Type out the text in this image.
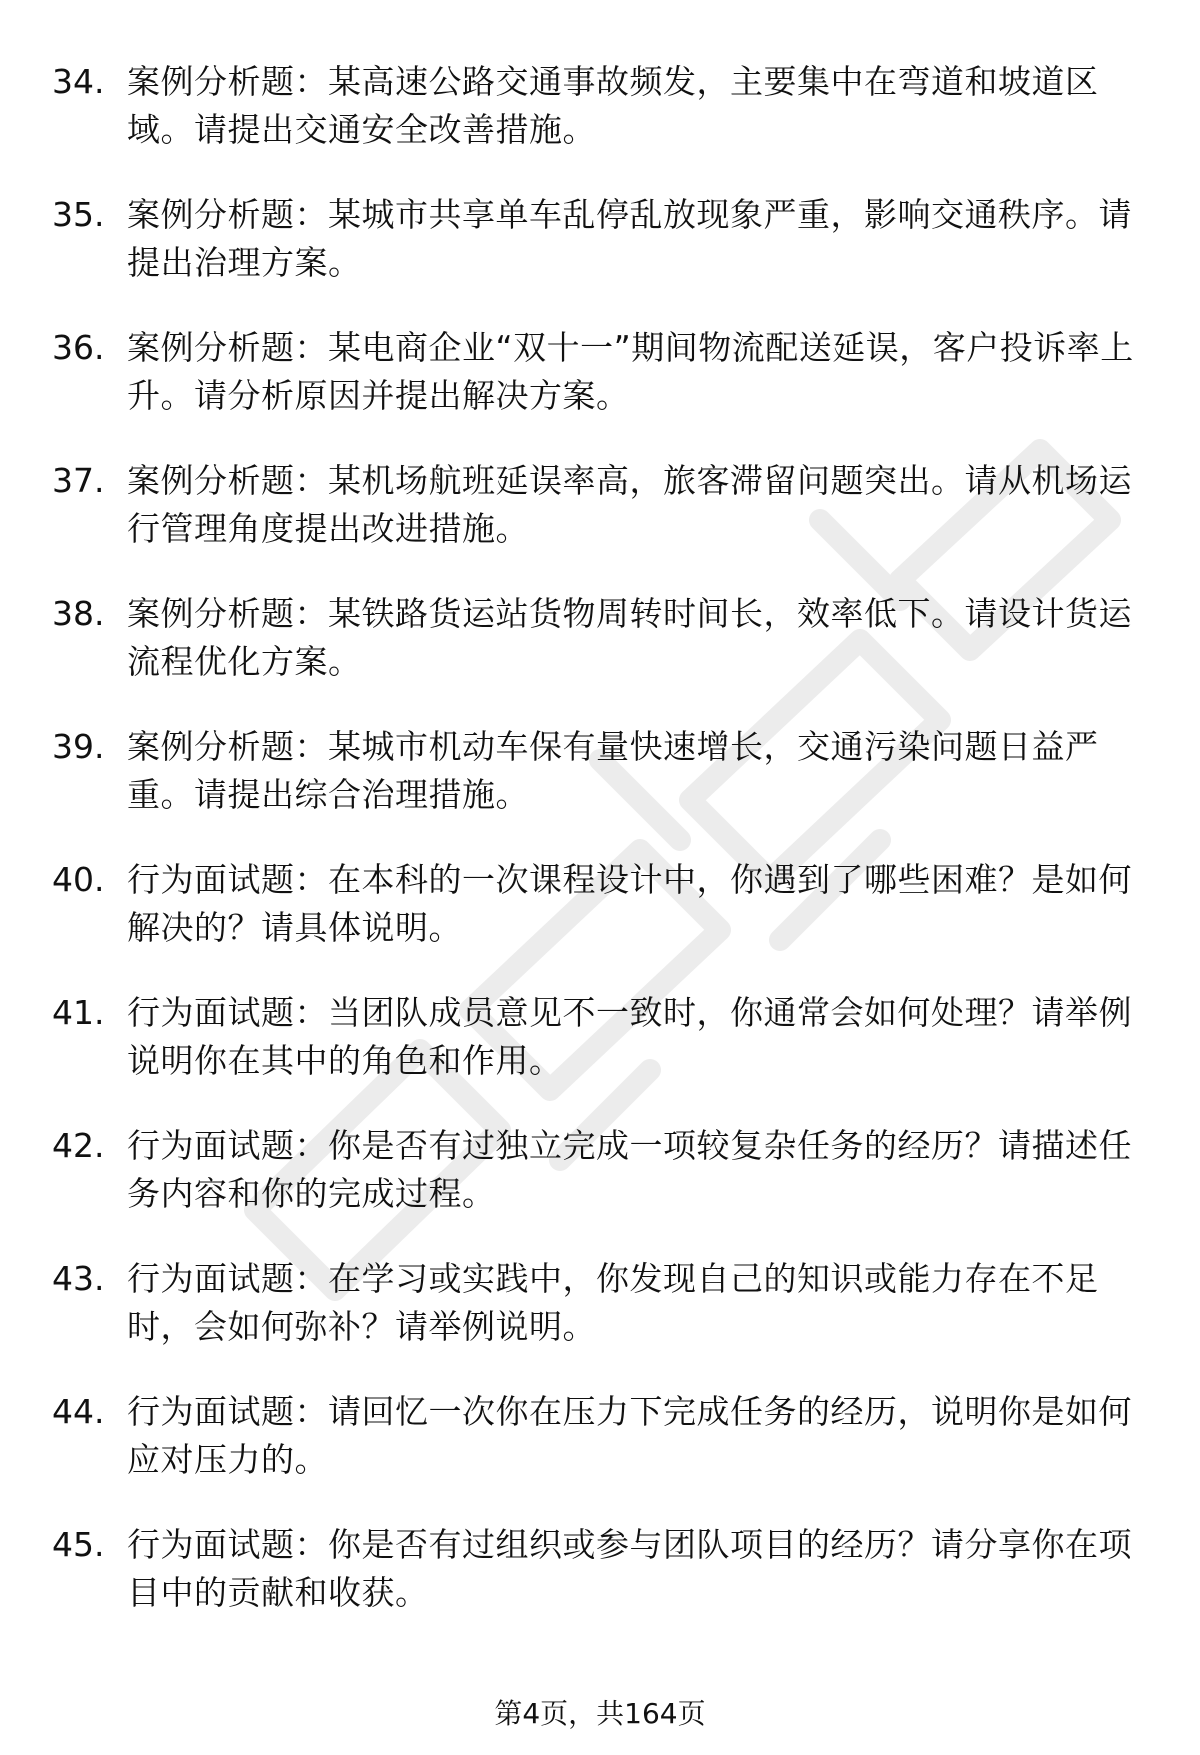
34. 案例分析题：某高速公路交通事故频发，主要集中在弯道和坡道区域。请提出交通安全改善措施。
35. 案例分析题：某城市共享单车乱停乱放现象严重，影响交通秩序。请提出治理方案。
36. 案例分析题：某电商企业“双十一”期间物流配送延误，客户投诉率上升。请分析原因并提出解决方案。
37. 案例分析题：某机场航班延误率高，旅客滞留问题突出。请从机场运行管理角度提出改进措施。
38. 案例分析题：某铁路货运站货物周转时间长，效率低下。请设计货运流程优化方案。
39. 案例分析题：某城市机动车保有量快速增长，交通污染问题日益严重。请提出综合治理措施。
40. 行为面试题：在本科的一次课程设计中，你遇到了哪些困难？是如何解决的？请具体说明。
41. 行为面试题：当团队成员意见不一致时，你通常会如何处理？请举例说明你在其中的角色和作用。
42. 行为面试题：你是否有过独立完成一项较复杂任务的经历？请描述任务内容和你的完成过程。
43. 行为面试题：在学习或实践中，你发现自己的知识或能力存在不足时，会如何弥补？请举例说明。
44. 行为面试题：请回忆一次你在压力下完成任务的经历，说明你是如何应对压力的。
45. 行为面试题：你是否有过组织或参与团队项目的经历？请分享你在项目中的贡献和收获。
第4页，共164页
